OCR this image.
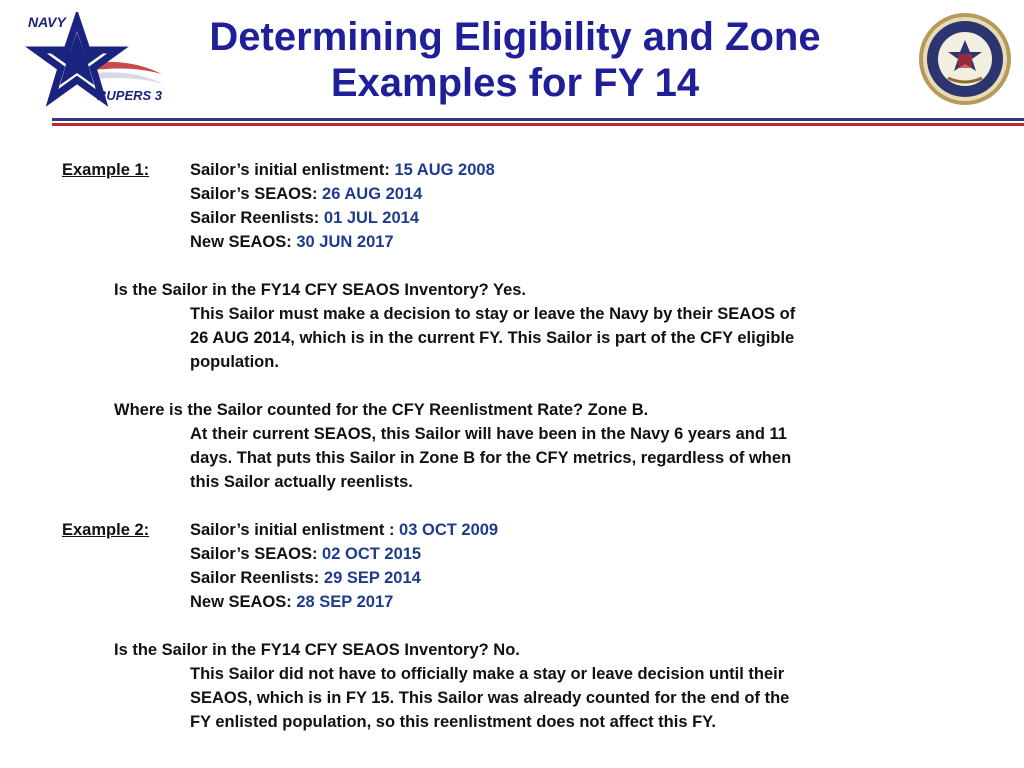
NAVY
BUPERS 3
Determining Eligibility and Zone
Examples for FY 14
Example 1: Sailor’s initial enlistment: 15 AUG 2008
Sailor’s SEAOS: 26 AUG 2014
Sailor Reenlists: 01 JUL 2014
New SEAOS: 30 JUN 2017
Is the Sailor in the FY14 CFY SEAOS Inventory? Yes.
This Sailor must make a decision to stay or leave the Navy by their SEAOS of
26 AUG 2014, which is in the current FY. This Sailor is part of the CFY eligible
population.
Where is the Sailor counted for the CFY Reenlistment Rate? Zone B.
At their current SEAOS, this Sailor will have been in the Navy 6 years and 11
days. That puts this Sailor in Zone B for the CFY metrics, regardless of when
this Sailor actually reenlists.
Example 2: Sailor’s initial enlistment : 03 OCT 2009
Sailor’s SEAOS: 02 OCT 2015
Sailor Reenlists: 29 SEP 2014
New SEAOS: 28 SEP 2017
Is the Sailor in the FY14 CFY SEAOS Inventory? No.
This Sailor did not have to officially make a stay or leave decision until their
SEAOS, which is in FY 15. This Sailor was already counted for the end of the
FY enlisted population, so this reenlistment does not affect this FY.
